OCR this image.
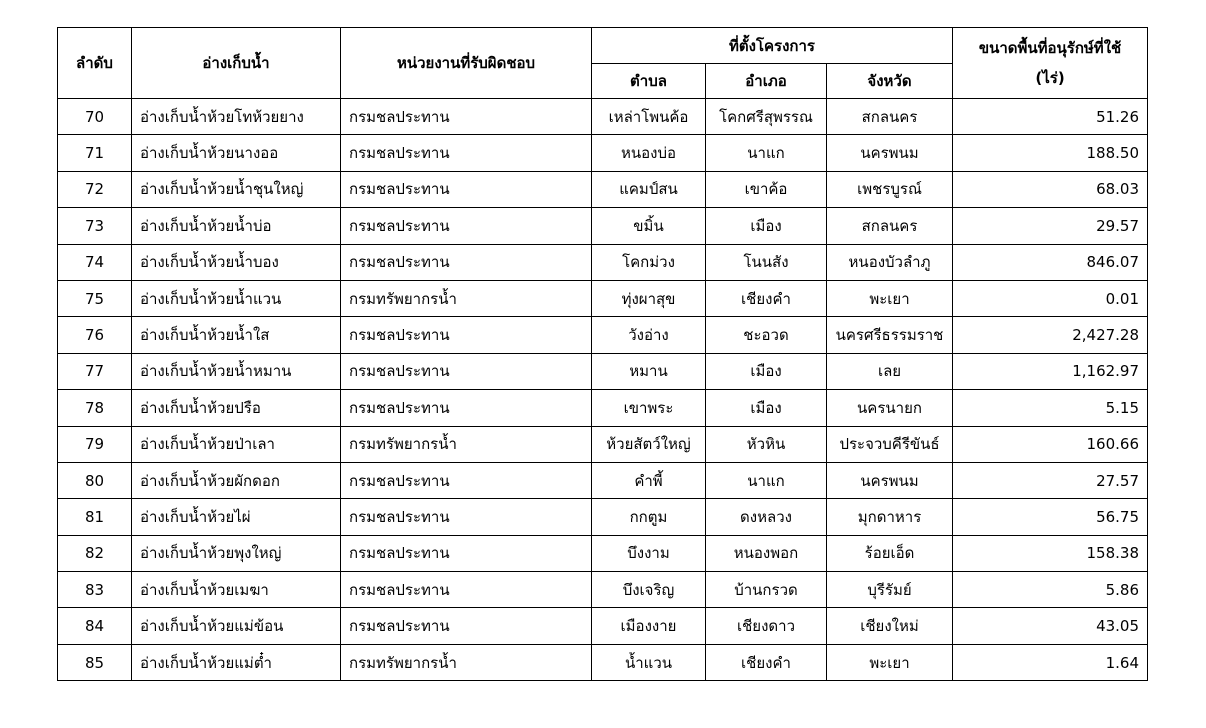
ลำดับ	อ่างเก็บน้ำ	หน่วยงานที่รับผิดชอบ	ที่ตั้งโครงการ			ขนาดพื้นที่อนุรักษ์ที่ใช้
(ไร่)
			ตำบล	อำเภอ	จังหวัด	
70	อ่างเก็บน้ำห้วยโทห้วยยาง	กรมชลประทาน	เหล่าโพนค้อ	โคกศรีสุพรรณ	สกลนคร	51.26
71	อ่างเก็บน้ำห้วยนางออ	กรมชลประทาน	หนองบ่อ	นาแก	นครพนม	188.50
72	อ่างเก็บน้ำห้วยน้ำชุนใหญ่	กรมชลประทาน	แคมป์สน	เขาค้อ	เพชรบูรณ์	68.03
73	อ่างเก็บน้ำห้วยน้ำบ่อ	กรมชลประทาน	ขมิ้น	เมือง	สกลนคร	29.57
74	อ่างเก็บน้ำห้วยน้ำบอง	กรมชลประทาน	โคกม่วง	โนนสัง	หนองบัวลำภู	846.07
75	อ่างเก็บน้ำห้วยน้ำแวน	กรมทรัพยากรน้ำ	ทุ่งผาสุข	เชียงคำ	พะเยา	0.01
76	อ่างเก็บน้ำห้วยน้ำใส	กรมชลประทาน	วังอ่าง	ชะอวด	นครศรีธรรมราช	2,427.28
77	อ่างเก็บน้ำห้วยน้ำหมาน	กรมชลประทาน	หมาน	เมือง	เลย	1,162.97
78	อ่างเก็บน้ำห้วยปรือ	กรมชลประทาน	เขาพระ	เมือง	นครนายก	5.15
79	อ่างเก็บน้ำห้วยป่าเลา	กรมทรัพยากรน้ำ	ห้วยสัตว์ใหญ่	หัวหิน	ประจวบคีรีขันธ์	160.66
80	อ่างเก็บน้ำห้วยผักดอก	กรมชลประทาน	คำพี้	นาแก	นครพนม	27.57
81	อ่างเก็บน้ำห้วยไผ่	กรมชลประทาน	กกตูม	ดงหลวง	มุกดาหาร	56.75
82	อ่างเก็บน้ำห้วยพุงใหญ่	กรมชลประทาน	บึงงาม	หนองพอก	ร้อยเอ็ด	158.38
83	อ่างเก็บน้ำห้วยเมฆา	กรมชลประทาน	บึงเจริญ	บ้านกรวด	บุรีรัมย์	5.86
84	อ่างเก็บน้ำห้วยแม่ข้อน	กรมชลประทาน	เมืองงาย	เชียงดาว	เชียงใหม่	43.05
85	อ่างเก็บน้ำห้วยแม่ต๋ำ	กรมทรัพยากรน้ำ	น้ำแวน	เชียงคำ	พะเยา	1.64
